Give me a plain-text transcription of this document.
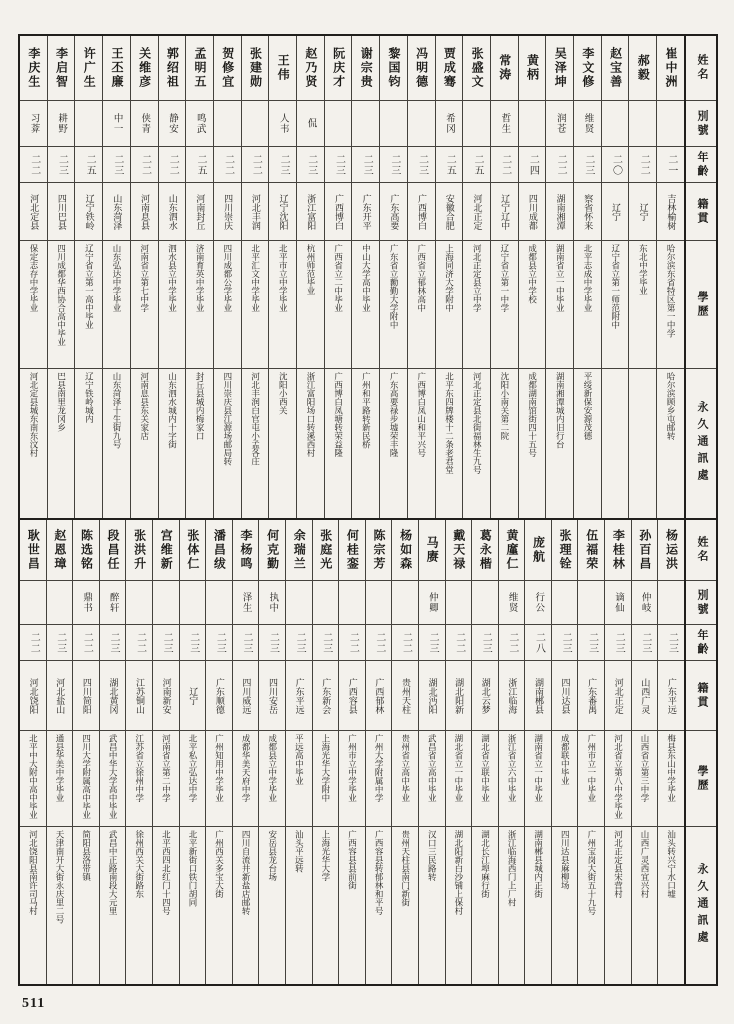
李庆生
习葊
二二
河北定县
保定志存中学毕业
河北定县城东南东汶村
李启智
耕野
二三
四川巴县
四川成都华西协合高中毕业
巴县南里龙冈乡
许广生
二五
辽宁铁岭
辽宁省立第一高中毕业
辽宁铁岭城内
王丕廉
中一
二三
山东菏泽
山东弘达中学毕业
山东菏泽十生街九号
关维彦
侠青
二二
河南息县
河南省立第七中学
河南息县东关家店
郭绍祖
静安
二二
山东泗水
泗水县立中学毕业
山东泗水城内十字街
孟明五
鸣武
二五
河南封丘
济南育英中学毕业
封丘县城内梅家口
贺修宜
二二
四川崇庆
四川成都公学毕业
四川崇庆县江源场邮局转
张建勋
二二
河北丰润
北平汇文中学毕业
河北丰润白官屯小孟各庄
王伟
人韦
二三
辽宁沈阳
北平市立中学毕业
沈阳小西关
赵乃贤
侃
二三
浙江富阳
杭州师范毕业
浙江富阳场口转溪西村
阮庆才
二三
广西博白
广西省立二中毕业
广西博白凤塘转荣益隆
谢宗贵
二三
广东开平
中山大学高中毕业
广州和平路转新民桥
黎国钧
二三
广东高要
广东省立勷勤大学附中
广东高要禄步墟荣丰隆
冯明德
二三
广西博白
广西省立郁林高中
广西博白凤山和平兴号
贾成骞
希冈
二五
安徽合肥
上海同济大学附中
北平东四牌楼十二条老君堂
张盛文
二五
河北正定
河北正定县立中学
河北正定县北街福林生九号
常涛
哲生
二二
辽宁辽中
辽宁省立第一中学
沈阳小南关第二院
黄柄
二四
四川成都
成都县立中学校
成都湖南馆街四十五号
吴泽坤
润苍
二二
湖南湘潭
湖南省立一中毕业
湖南湘潭城内旧行台
李文修
维贤
二三
察省怀来
北平志成中学毕业
平绥新保安源茂德
赵宝善
二〇
辽宁
辽宁省立第一师范附中
郝毅
二二
辽宁
东北中学毕业
崔中洲
二一
吉林榆树
哈尔滨东省特区第一中学
哈尔滨顾乡屯邮转
姓名
別號
年齡
籍貫
學歷
永久通訊處
耿世昌
二二
河北饶阳
北平中大附中高中毕业
河北饶阳县南许司马村
赵恩璋
二三
河北盐山
通县华美中学毕业
天津南开大街永庆里二号
陈选铭
鼎书
二二
四川简阳
四川大学附属高中毕业
简阳县洛带镇
段昌任
醉轩
二三
湖北黄冈
武昌中华大学高中毕业
武昌中正路南段大元里
张洪升
二二
江苏铜山
江苏省立徐州中学
徐州西关大街路东
宫维新
二三
河南新安
河南省立第二中学
北平西四北红门十四号
张体仁
二三
辽宁
北平私立弘达中学
北平新街口铁门胡同
潘昌绂
二三
广东顺德
广州知用中学毕业
广州西关多宝大街
李杨鸣
泽生
二三
四川威远
成都华美天府中学
四川自流井新盐店邮转
何克勤
执中
二三
四川安岳
成都县立中学毕业
安岳县龙台场
余瑞兰
二三
广东平远
平远高中毕业
汕头平远转
张庭光
二三
广东新会
上海光华大学附中
上海光华大学
何桂銮
二二
广西容县
广州市立中学毕业
广西容县县前街
陈宗芳
二二
广西郁林
广州大学附属中学
广西容县转郁林和平号
杨如森
二二
贵州天柱
贵州省立高中毕业
贵州天柱县南门新街
马赓
仲卿
二三
湖北沔阳
武昌省立高中毕业
汉口三民路转
戴天禄
二二
湖北阳新
湖北省立一中毕业
湖北阳新白沙铺上保村
葛永楷
二三
湖北云梦
湖北省立联中毕业
湖北长江埠麻行街
黄廑仁
维贤
二二
浙江临海
浙江省立六中毕业
浙江临海西门上厂村
庞航
行公
二八
湖南郴县
湖南省立一中毕业
湖南郴县城内正街
张理铨
二三
四川达县
成都联中毕业
四川达县麻柳场
伍福荣
二三
广东番禺
广州市立一中毕业
广州宝岗大街五十九号
李桂林
谪仙
二三
河北正定
河北省立第八中学毕业
河北正定县宋营村
孙百昌
仲岐
二三
山西广灵
山西省立第三中学
山西广灵西宜兴村
杨运洪
二三
广东平远
梅县东山中学毕业
汕头转兴宁水口墟
姓名
別號
年齡
籍貫
學歷
永久通訊處
511
